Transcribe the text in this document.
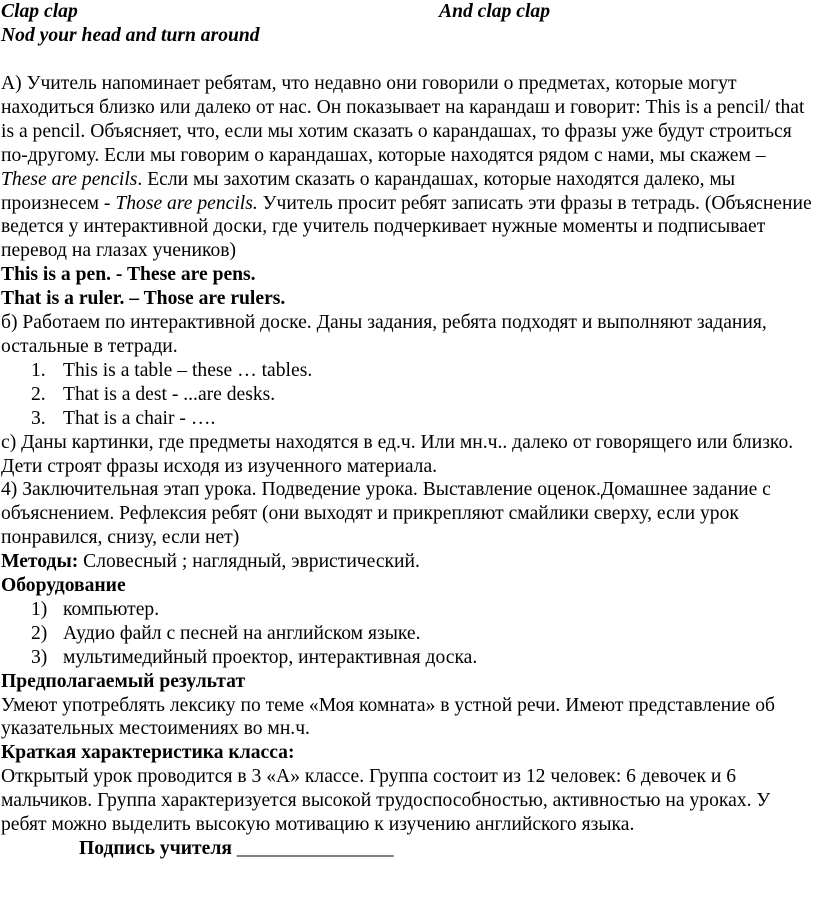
Clap clap	And clap clap
Nod your head and turn around

А) Учитель напоминает ребятам, что недавно они говорили о предметах, которые могут находиться близко или далеко от нас. Он показывает на карандаш и говорит: This is a pencil/ that is a pencil. Объясняет, что, если мы хотим сказать о карандашах, то фразы уже будут строиться по-другому. Если мы говорим о карандашах, которые находятся рядом с нами, мы скажем – These are pencils. Если мы захотим сказать о карандашах, которые находятся далеко, мы произнесем - Those are pencils. Учитель просит ребят записать эти фразы в тетрадь. (Объяснение ведется у интерактивной доски, где учитель подчеркивает нужные моменты и подписывает перевод на глазах учеников)

This is a pen. - These are pens.

That is a ruler. – Those are rulers.

б) Работаем по интерактивной доске. Даны задания, ребята подходят и выполняют задания, остальные в тетради.

1. This is a table – these … tables.
2. That is a dest - ...are desks.
3. That is a chair - ….

с) Даны картинки, где предметы находятся в ед.ч. Или мн.ч.. далеко от говорящего или близко. Дети строят фразы исходя из изученного материала.

4) Заключительная этап урока. Подведение урока. Выставление оценок.Домашнее задание с объяснением. Рефлексия ребят (они выходят и прикрепляют смайлики сверху, если урок понравился, снизу, если нет)

Методы: Словесный ; наглядный, эвристический.

Оборудование

1) компьютер.
2) Аудио файл с песней на английском языке.
3) мультимедийный проектор, интерактивная доска.

Предполагаемый результат

Умеют употреблять лексику по теме «Моя комната» в устной речи. Имеют представление об указательных местоимениях во мн.ч.

Краткая характеристика класса:

Открытый урок проводится в 3 «А» классе. Группа состоит из 12 человек: 6 девочек и 6 мальчиков. Группа характеризуется высокой трудоспособностью, активностью на уроках. У ребят можно выделить высокую мотивацию к изучению английского языка.

Подпись учителя ________________
